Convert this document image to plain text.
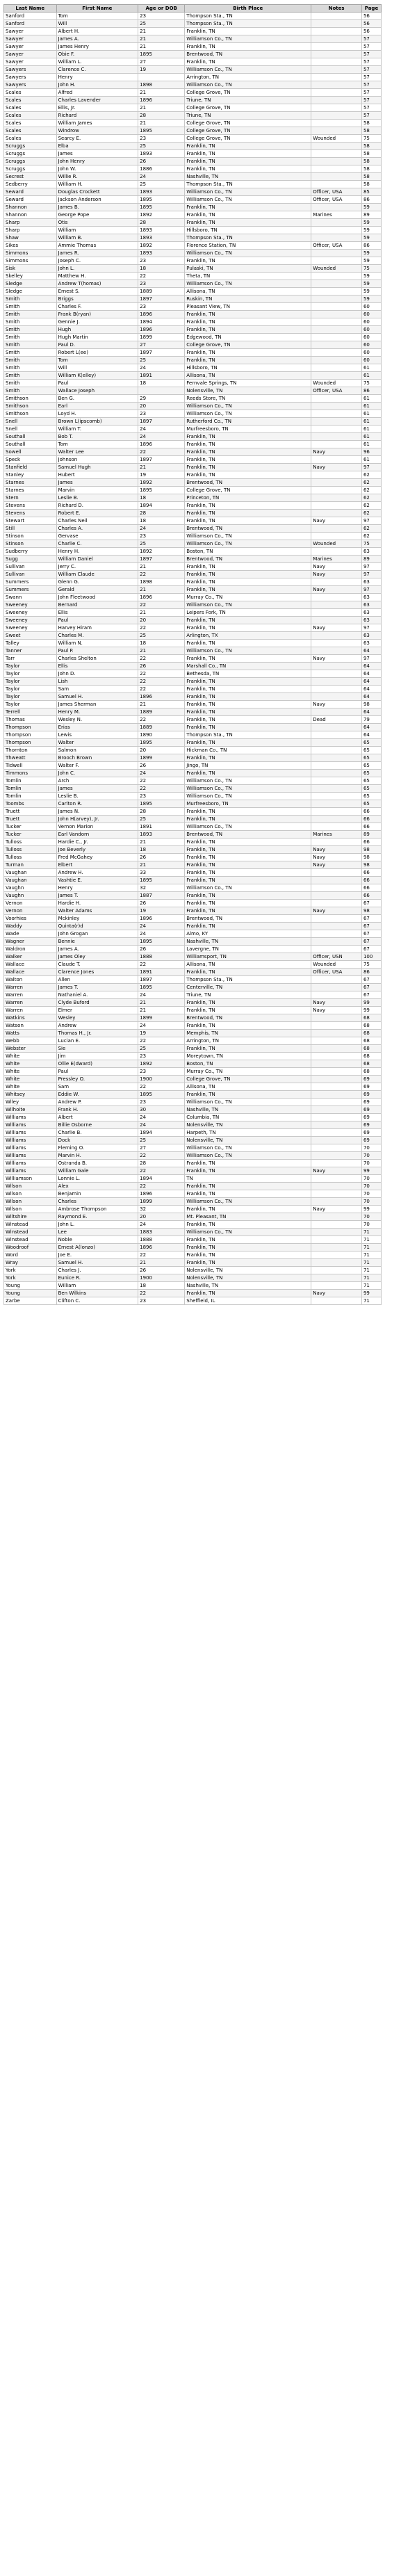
Last Name	First Name	Age or DOB	Birth Place	Notes	Page
Sanford	Tom	23	Thompson Sta., TN		56
Sanford	Will	25	Thompson Sta., TN		56
Sawyer	Albert H.	21	Franklin, TN		56
Sawyer	James A.	21	Williamson Co., TN		57
Sawyer	James Henry	21	Franklin, TN		57
Sawyer	Obie F.	1895	Brentwood, TN		57
Sawyer	William L.	27	Franklin, TN		57
Sawyers	Clarence C.	19	Williamson Co., TN		57
Sawyers	Henry		Arrington, TN		57
Sawyers	John H.	1898	Williamson Co., TN		57
Scales	Alfred	21	College Grove, TN		57
Scales	Charles Lavender	1896	Triune, TN		57
Scales	Ellis, Jr.	21	College Grove, TN		57
Scales	Richard	28	Triune, TN		57
Scales	William James	21	College Grove, TN		58
Scales	Windrow	1895	College Grove, TN		58
Scales	Searcy E.	23	College Grove, TN	Wounded	75
Scruggs	Elba	25	Franklin, TN		58
Scruggs	James	1893	Franklin, TN		58
Scruggs	John Henry	26	Franklin, TN		58
Scruggs	John W.	1886	Franklin, TN		58
Secrest	Willie R.	24	Nashville, TN		58
Sedberry	William H.	25	Thompson Sta., TN		58
Seward	Douglas Crockett	1893	Williamson Co., TN	Officer, USA	85
Seward	Jackson Anderson	1895	Williamson Co., TN	Officer, USA	86
Shannon	James B.	1895	Franklin, TN		59
Shannon	George Pope	1892	Franklin, TN	Marines	89
Sharp	Otis	28	Franklin, TN		59
Sharp	William	1893	Hillsboro, TN		59
Shaw	William B.	1893	Thompson Sta., TN		59
Sikes	Ammie Thomas	1892	Florence Station, TN	Officer, USA	86
Simmons	James R.	1893	Williamson Co., TN		59
Simmons	Joseph C.	23	Franklin, TN		59
Sisk	John L.	18	Pulaski, TN	Wounded	75
Skelley	Matthew H.	22	Theta, TN		59
Sledge	Andrew T(homas)	23	Williamson Co., TN		59
Sledge	Ernest S.	1889	Allisona, TN		59
Smith	Briggs	1897	Ruskin, TN		59
Smith	Charles F.	23	Pleasant View, TN		60
Smith	Frank B(ryan)	1896	Franklin, TN		60
Smith	Gennie J.	1894	Franklin, TN		60
Smith	Hugh	1896	Franklin, TN		60
Smith	Hugh Martin	1899	Edgewood, TN		60
Smith	Paul D.	27	College Grove, TN		60
Smith	Robert L(ee)	1897	Franklin, TN		60
Smith	Tom	25	Franklin, TN		60
Smith	Will	24	Hillsboro, TN		61
Smith	William K(elley)	1891	Allisona, TN		61
Smith	Paul	18	Fernvale Springs, TN	Wounded	75
Smith	Wallace Joseph		Nolensville, TN	Officer, USA	86
Smithson	Ben G.	29	Reeds Store, TN		61
Smithson	Earl	20	Williamson Co., TN		61
Smithson	Loyd H.	23	Williamson Co., TN		61
Snell	Brown L(ipscomb)	1897	Rutherford Co., TN		61
Snell	William T.	24	Murfreesboro, TN		61
Southall	Bob T.	24	Franklin, TN		61
Southall	Tom	1896	Franklin, TN		61
Sowell	Walter Lee	22	Franklin, TN	Navy	96
Speck	Johnson	1897	Franklin, TN		61
Stanfield	Samuel Hugh	21	Franklin, TN	Navy	97
Stanley	Hubert	19	Franklin, TN		62
Starnes	James	1892	Brentwood, TN		62
Starnes	Marvin	1895	College Grove, TN		62
Stern	Leslie B.	18	Princeton, TN		62
Stevens	Richard D.	1894	Franklin, TN		62
Stevens	Robert E.	28	Franklin, TN		62
Stewart	Charles Neil	18	Franklin, TN	Navy	97
Still	Charles A.	24	Brentwood, TN		62
Stinson	Gervase	23	Williamson Co., TN		62
Stinson	Charlie C.	25	Williamson Co., TN	Wounded	75
Sudberry	Henry H.	1892	Boston, TN		63
Sugg	William Daniel	1897	Brentwood, TN	Marines	89
Sullivan	Jerry C.	21	Franklin, TN	Navy	97
Sullivan	William Claude	22	Franklin, TN	Navy	97
Summers	Glenn G.	1898	Franklin, TN		63
Summers	Gerald	21	Franklin, TN	Navy	97
Swann	John Fleetwood	1896	Murray Co., TN		63
Sweeney	Bernard	22	Williamson Co., TN		63
Sweeney	Ellis	21	Leipers Fork, TN		63
Sweeney	Paul	20	Franklin, TN		63
Sweeney	Harvey Hiram	22	Franklin, TN	Navy	97
Sweet	Charles M.	25	Arlington, TX		63
Talley	William N.	18	Franklin, TN		63
Tanner	Paul P.	21	Williamson Co., TN		64
Tarr	Charles Shelton	22	Franklin, TN	Navy	97
Taylor	Ellis	26	Marshall Co., TN		64
Taylor	John D.	22	Bethesda, TN		64
Taylor	Lish	22	Franklin, TN		64
Taylor	Sam	22	Franklin, TN		64
Taylor	Samuel H.	1896	Franklin, TN		64
Taylor	James Sherman	21	Franklin, TN	Navy	98
Terrell	Henry M.	1889	Franklin, TN		64
Thomas	Wesley N.	22	Franklin, TN	Dead	79
Thompson	Erias	1889	Franklin, TN		64
Thompson	Lewis	1890	Thompson Sta., TN		64
Thompson	Walter	1895	Franklin, TN		65
Thornton	Salmon	20	Hickman Co., TN		65
Thweatt	Brooch Brown	1899	Franklin, TN		65
Tidwell	Walter F.	26	Jingo, TN		65
Timmons	John C.	24	Franklin, TN		65
Tomlin	Arch	22	Williamson Co., TN		65
Tomlin	James	22	Williamson Co., TN		65
Tomlin	Leslie B.	23	Williamson Co., TN		65
Toombs	Carlton R.	1895	Murfreesboro, TN		65
Truett	James N.	28	Franklin, TN		66
Truett	John H(arvey), Jr.	25	Franklin, TN		66
Tucker	Vernon Marion	1891	Williamson Co., TN		66
Tucker	Earl Vandorn	1893	Brentwood, TN	Marines	89
Tulloss	Hardie C., Jr.	21	Franklin, TN		66
Tulloss	Joe Beverly	18	Franklin, TN	Navy	98
Tulloss	Fred McGahey	26	Franklin, TN	Navy	98
Turman	Elbert	21	Franklin, TN	Navy	98
Vaughan	Andrew H.	33	Franklin, TN		66
Vaughan	Vashtie E.	1895	Franklin, TN		66
Vaughn	Henry	32	Williamson Co., TN		66
Vaughn	James T.	1887	Franklin, TN		66
Vernon	Hardie H.	26	Franklin, TN		67
Vernon	Walter Adams	19	Franklin, TN	Navy	98
Voorhies	Mckinley	1896	Brentwood, TN		67
Waddy	Quinta(r)d	24	Franklin, TN		67
Wade	John Grogan	24	Almo, KY		67
Wagner	Bennie	1895	Nashville, TN		67
Waldron	James A.	26	Lavergne, TN		67
Walker	James Oley	1888	Williamsport, TN	Officer, USN	100
Wallace	Claude T.	22	Allisona, TN	Wounded	75
Wallace	Clarence Jones	1891	Franklin, TN	Officer, USA	86
Walton	Allen	1897	Thompson Sta., TN		67
Warren	James T.	1895	Centerville, TN		67
Warren	Nathaniel A.	24	Triune, TN		67
Warren	Clyde Buford	21	Franklin, TN	Navy	99
Warren	Elmer	21	Franklin, TN	Navy	99
Watkins	Wesley	1899	Brentwood, TN		68
Watson	Andrew	24	Franklin, TN		68
Watts	Thomas H., Jr.	19	Memphis, TN		68
Webb	Lucian E.	22	Arrington, TN		68
Webster	Sie	25	Franklin, TN		68
White	Jim	23	Moreytown, TN		68
White	Ollie E(dward)	1892	Boston, TN		68
White	Paul	23	Murray Co., TN		68
White	Pressley O.	1900	College Grove, TN		69
White	Sam	22	Allisona, TN		69
Whitsey	Eddie W.	1895	Franklin, TN		69
Wiley	Andrew P.	23	Williamson Co., TN		69
Wilhoite	Frank H.	30	Nashville, TN		69
Williams	Albert	24	Columbia, TN		69
Williams	Billie Osborne	24	Nolensville, TN		69
Williams	Charlie B.	1894	Harpeth, TN		69
Williams	Dock	25	Nolensville, TN		69
Williams	Fleming O.	27	Williamson Co., TN		70
Williams	Marvin H.	22	Williamson Co., TN		70
Williams	Ostranda B.	28	Franklin, TN		70
Williams	William Gale	22	Franklin, TN	Navy	99
Williamson	Lonnie L.	1894	TN		70
Wilson	Alex	22	Franklin, TN		70
Wilson	Benjamin	1896	Franklin, TN		70
Wilson	Charles	1899	Williamson Co., TN		70
Wilson	Ambrose Thompson	32	Franklin, TN	Navy	99
Wiltshire	Raymond E.	20	Mt. Pleasant, TN		70
Winstead	John L.	24	Franklin, TN		70
Winstead	Lee	1883	Williamson Co., TN		71
Winstead	Noble	1888	Franklin, TN		71
Woodroof	Ernest A(lonzo)	1896	Franklin, TN		71
Word	Joe E.	22	Franklin, TN		71
Wray	Samuel H.	21	Franklin, TN		71
York	Charles J.	26	Nolensville, TN		71
York	Eunice R.	1900	Nolensville, TN		71
Young	William	18	Nashville, TN		71
Young	Ben Wilkins	22	Franklin, TN	Navy	99
Zarbe	Clifton C.	23	Sheffield, IL		71
